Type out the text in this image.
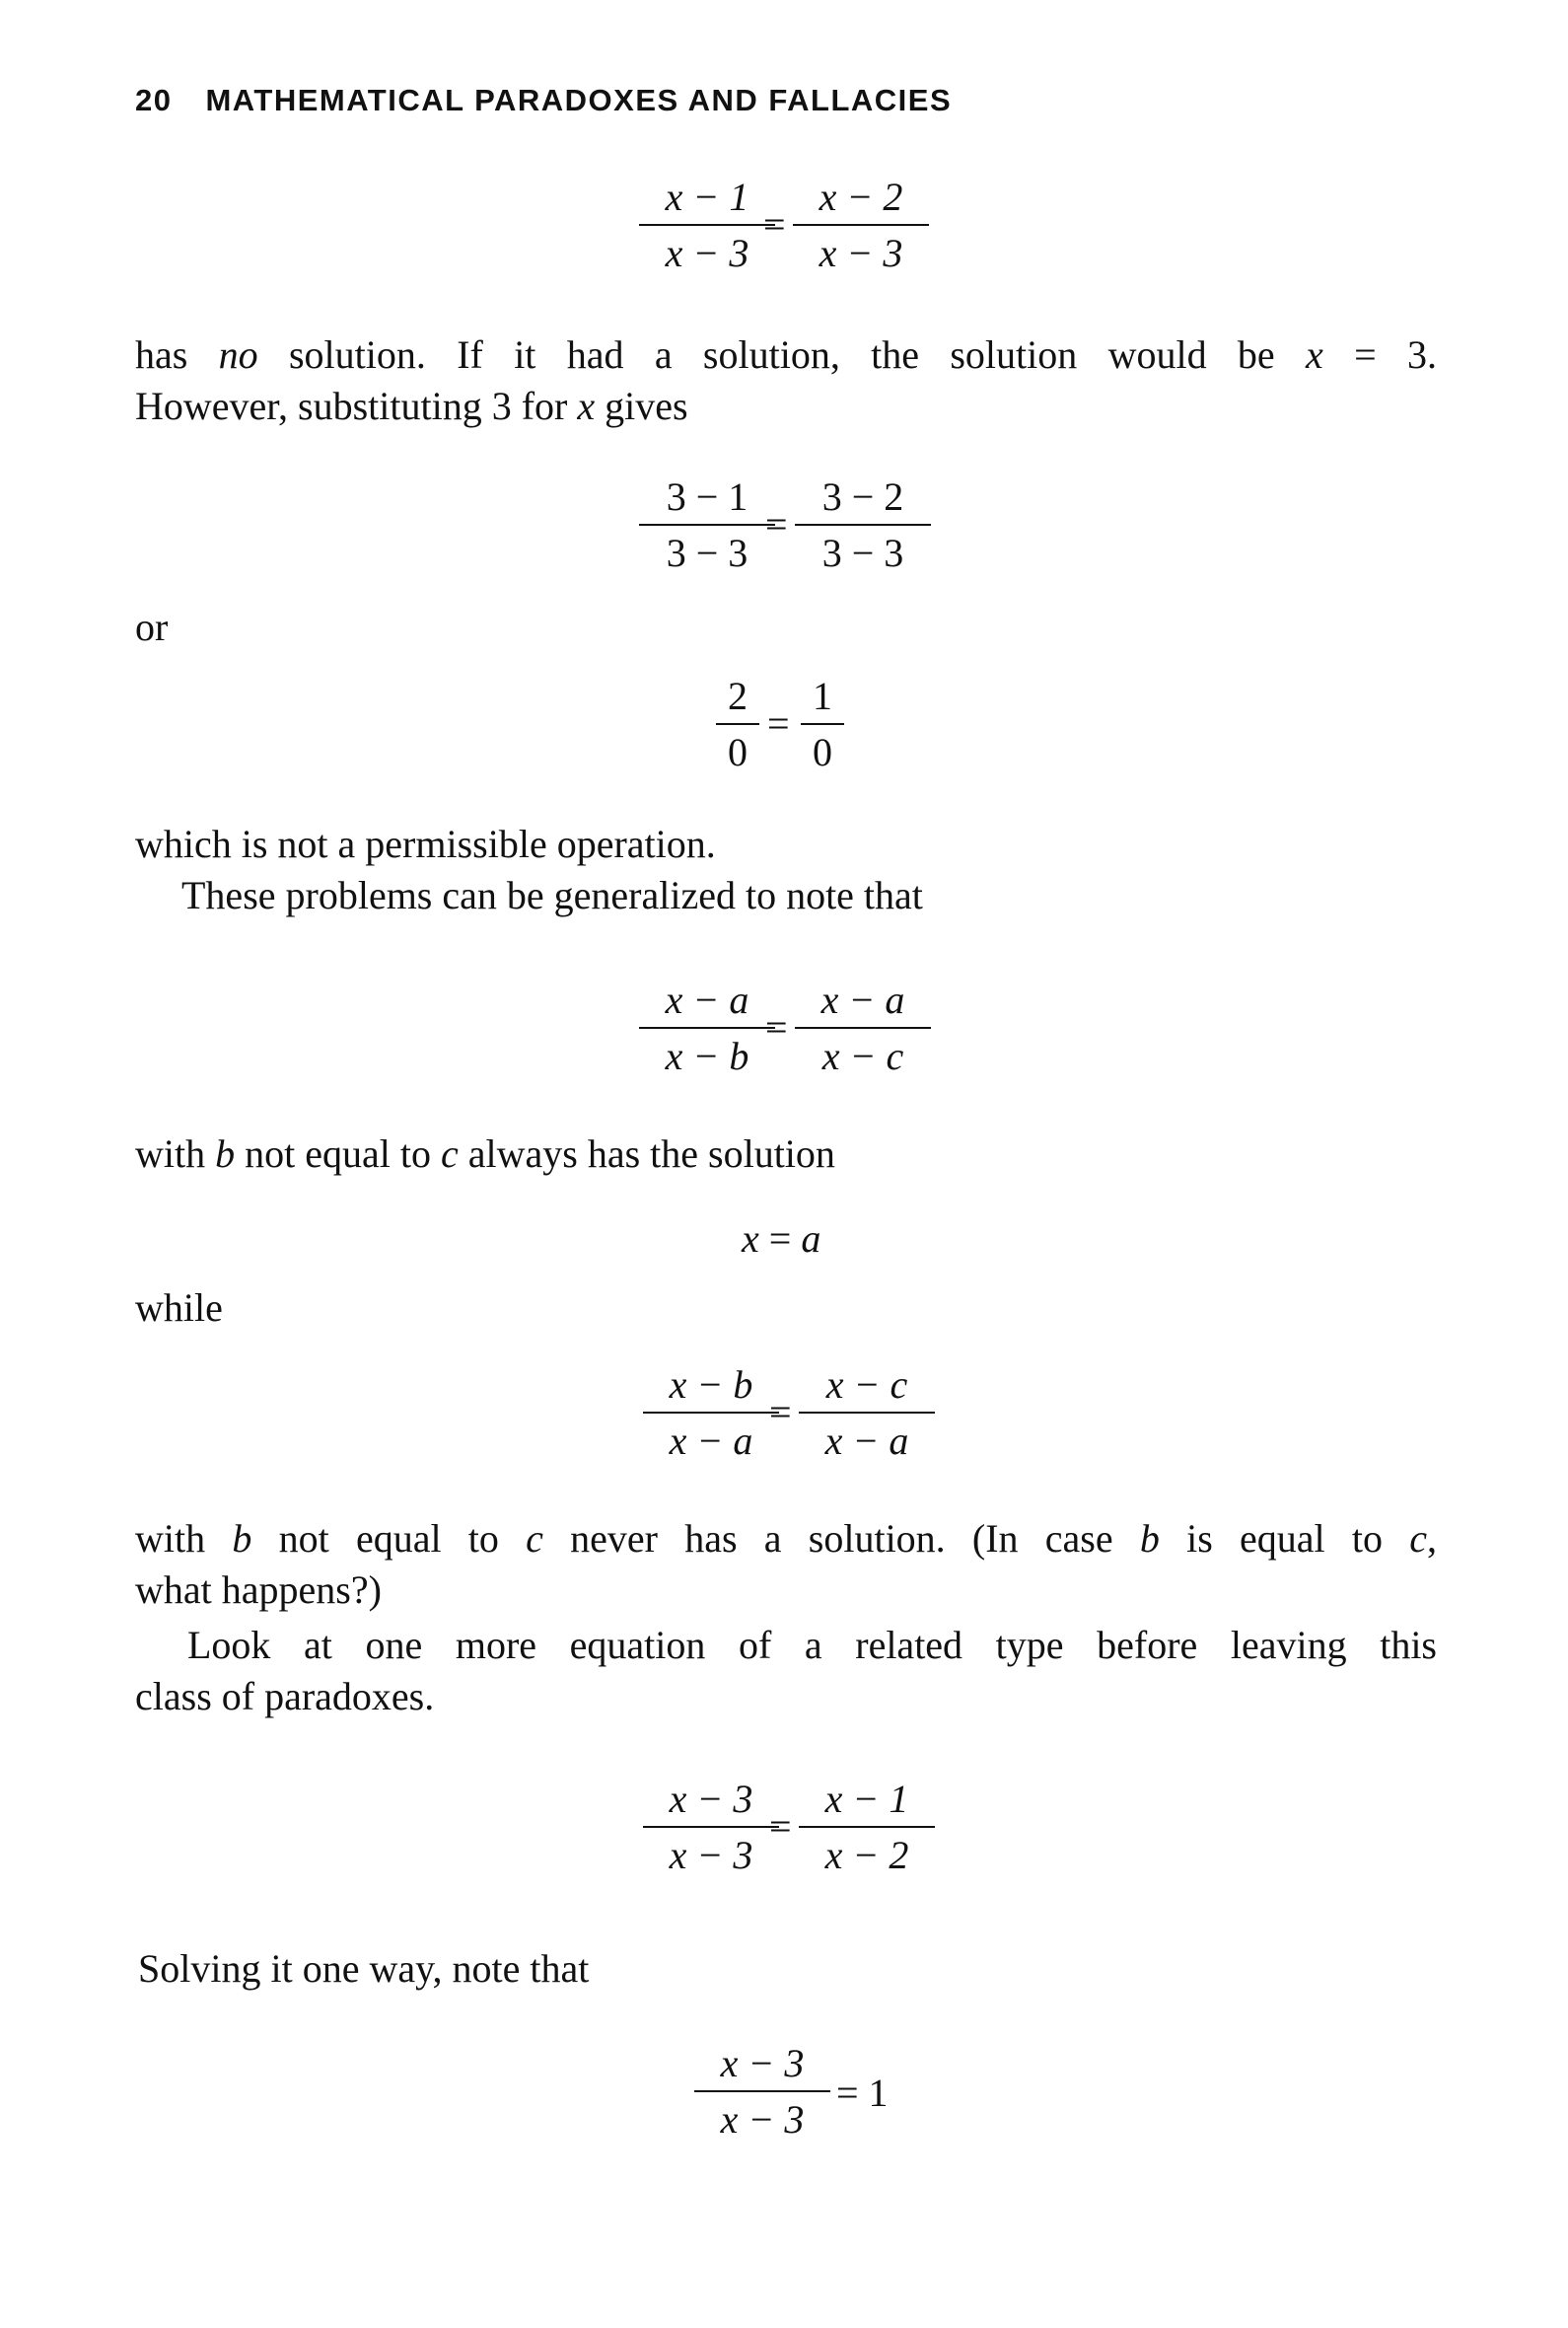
20 MATHEMATICAL PARADOXES AND FALLACIES
$\frac{x - 1}{x - 3}$
= $\frac{x - 2}{x - 3}$
has no solution. If it had a solution, the solution would be x = 3.
However, substituting 3 for x gives
$\frac{3 - 1}{3 - 3}$
= $\frac{3 - 2}{3 - 3}$
or
$\frac{2}{0} = \frac{1}{0}$
which is not a permissible operation.
These problems can be generalized to note that
$\frac{x - a}{x - b}$
= $\frac{x - a}{x - c}$
with b not equal to c always has the solution
x = a
while
$\frac{x - b}{x - a}$
= $\frac{x - c}{x - a}$
with b not equal to c never has a solution. (In case b is equal to c,
what happens?)
Look at one more equation of a related type before leaving this
class of paradoxes.
$\frac{x - 3}{x - 3}$
= $\frac{x - 1}{x - 2}$
Solving it one way, note that
$\frac{x - 3}{x - 3} = 1$
